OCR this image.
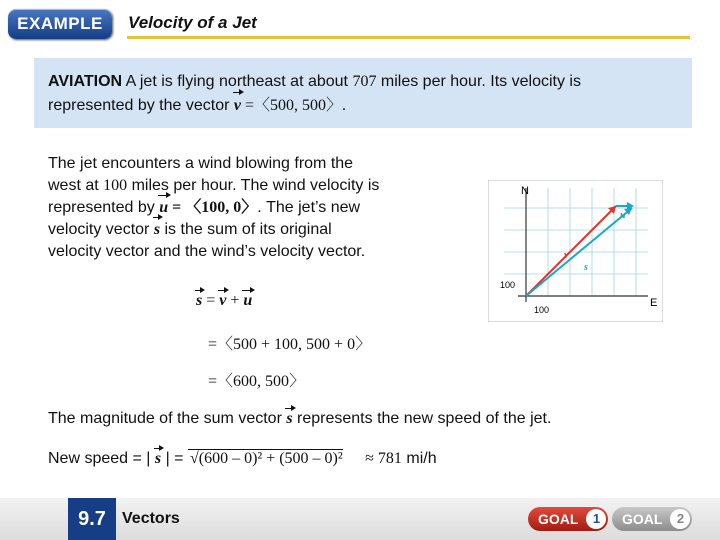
EXAMPLE	Velocity of a Jet
AVIATION A jet is flying northeast at about 707 miles per hour. Its velocity is
represented by the vector v =〈500, 500〉.
The jet encounters a wind blowing from the
west at 100 miles per hour. The wind velocity is
represented by u = 〈100, 0〉. The jet’s new
velocity vector s is the sum of its original
velocity vector and the wind’s velocity vector.
N
E
100
100
u
v
s
s = v + u
=〈500 + 100, 500 + 0〉
=〈600, 500〉
The magnitude of the sum vector s represents the new speed of the jet.
New speed = | s | = √(600 – 0)² + (500 – 0)² ≈ 781 mi/h
9.7	Vectors	GOAL	1	GOAL	2
